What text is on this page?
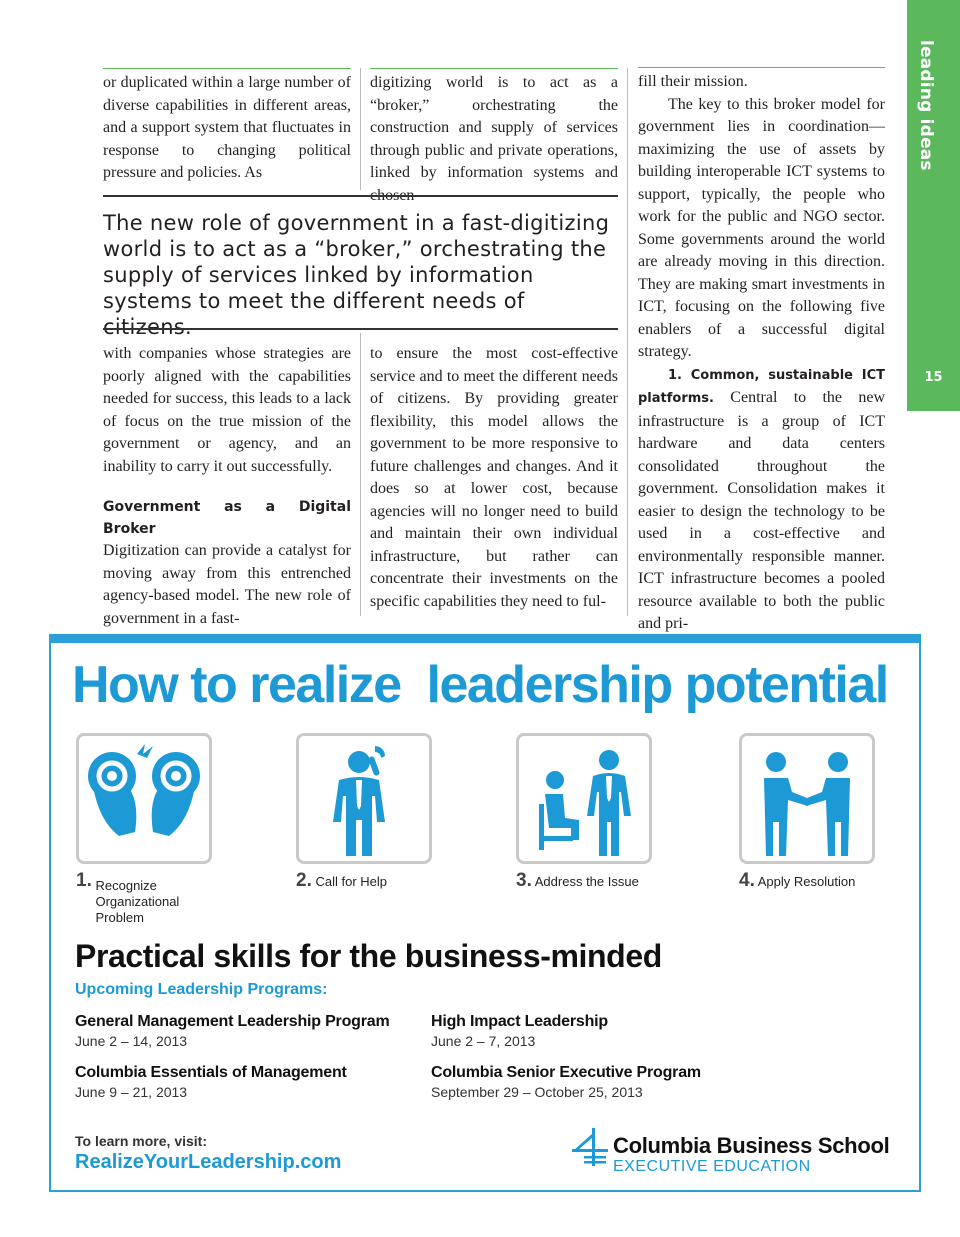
leading ideas
15

or duplicated within a large number of diverse capabilities in different areas, and a support system that fluctuates in response to changing political pressure and policies. As

digitizing world is to act as a “broker,” orchestrating the construction and supply of services through public and private operations, linked by information systems and chosen

The new role of government in a fast-digitizing world is to act as a “broker,” orchestrating the supply of services linked by information systems to meet the different needs of citizens.

with companies whose strategies are poorly aligned with the capabilities needed for success, this leads to a lack of focus on the true mission of the government or agency, and an inability to carry it out successfully.

Government as a Digital Broker

Digitization can provide a catalyst for moving away from this entrenched agency-based model. The new role of government in a fast-

to ensure the most cost-effective service and to meet the different needs of citizens. By providing greater flexibility, this model allows the government to be more responsive to future challenges and changes. And it does so at lower cost, because agencies will no longer need to build and maintain their own individual infrastructure, but rather can concentrate their investments on the specific capabilities they need to ful-

fill their mission.

The key to this broker model for government lies in coordination—maximizing the use of assets by building interoperable ICT systems to support, typically, the people who work for the public and NGO sector. Some governments around the world are already moving in this direction. They are making smart investments in ICT, focusing on the following five enablers of a successful digital strategy.

1. Common, sustainable ICT platforms. Central to the new infrastructure is a group of ICT hardware and data centers consolidated throughout the government. Consolidation makes it easier to design the technology to be used in a cost-effective and environmentally responsible manner. ICT infrastructure becomes a pooled resource available to both the public and pri-

How to realize  leadership potential
1. Recognize Organizational Problem
2. Call for Help	3. Address the Issue	4. Apply Resolution
Practical skills for the business-minded
Upcoming Leadership Programs:
General Management Leadership Program
June 2 – 14, 2013
High Impact Leadership
June 2 – 7, 2013
Columbia Essentials of Management
June 9 – 21, 2013
Columbia Senior Executive Program
September 29 – October 25, 2013
To learn more, visit:
RealizeYourLeadership.com
Columbia Business School
EXECUTIVE EDUCATION
